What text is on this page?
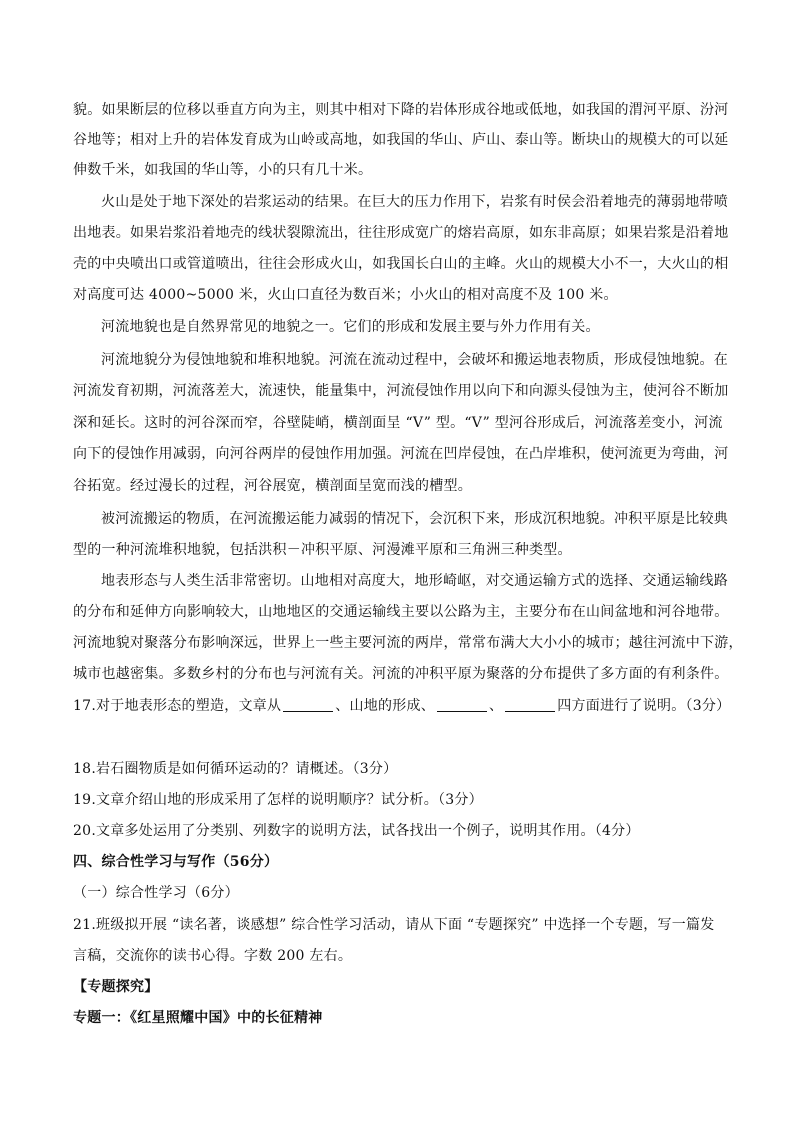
貌。如果断层的位移以垂直方向为主，则其中相对下降的岩体形成谷地或低地，如我国的渭河平原、汾河

谷地等；相对上升的岩体发育成为山岭或高地，如我国的华山、庐山、泰山等。断块山的规模大的可以延

伸数千米，如我国的华山等，小的只有几十米。

火山是处于地下深处的岩浆运动的结果。在巨大的压力作用下，岩浆有时侯会沿着地壳的薄弱地带喷

出地表。如果岩浆沿着地壳的线状裂隙流出，往往形成宽广的熔岩高原，如东非高原；如果岩浆是沿着地

壳的中央喷出口或管道喷出，往往会形成火山，如我国长白山的主峰。火山的规模大小不一，大火山的相

对高度可达 4000~5000 米，火山口直径为数百米；小火山的相对高度不及 100 米。

河流地貌也是自然界常见的地貌之一。它们的形成和发展主要与外力作用有关。

河流地貌分为侵蚀地貌和堆积地貌。河流在流动过程中，会破坏和搬运地表物质，形成侵蚀地貌。在

河流发育初期，河流落差大，流速快，能量集中，河流侵蚀作用以向下和向源头侵蚀为主，使河谷不断加

深和延长。这时的河谷深而窄，谷壁陡峭，横剖面呈 “V” 型。“V” 型河谷形成后，河流落差变小，河流

向下的侵蚀作用减弱，向河谷两岸的侵蚀作用加强。河流在凹岸侵蚀，在凸岸堆积，使河流更为弯曲，河

谷拓宽。经过漫长的过程，河谷展宽，横剖面呈宽而浅的槽型。

被河流搬运的物质，在河流搬运能力减弱的情况下，会沉积下来，形成沉积地貌。冲积平原是比较典

型的一种河流堆积地貌，包括洪积－冲积平原、河漫滩平原和三角洲三种类型。

地表形态与人类生活非常密切。山地相对高度大，地形崎岖，对交通运输方式的选择、交通运输线路

的分布和延伸方向影响较大，山地地区的交通运输线主要以公路为主，主要分布在山间盆地和河谷地带。

河流地貌对聚落分布影响深远，世界上一些主要河流的两岸，常常布满大大小小的城市；越往河流中下游，

城市也越密集。多数乡村的分布也与河流有关。河流的冲积平原为聚落的分布提供了多方面的有利条件。

17.对于地表形态的塑造，文章从	、山地的形成、	、	四方面进行了说明。（3分）

18.岩石圈物质是如何循环运动的？请概述。（3分）

19.文章介绍山地的形成采用了怎样的说明顺序？试分析。（3分）

20.文章多处运用了分类别、列数字的说明方法，试各找出一个例子，说明其作用。（4分）

四、综合性学习与写作（56分）

（一）综合性学习（6分）

21.班级拟开展 “读名著，谈感想” 综合性学习活动，请从下面 “专题探究” 中选择一个专题，写一篇发

言稿，交流你的读书心得。字数 200 左右。

【专题探究】

专题一：《红星照耀中国》中的长征精神
